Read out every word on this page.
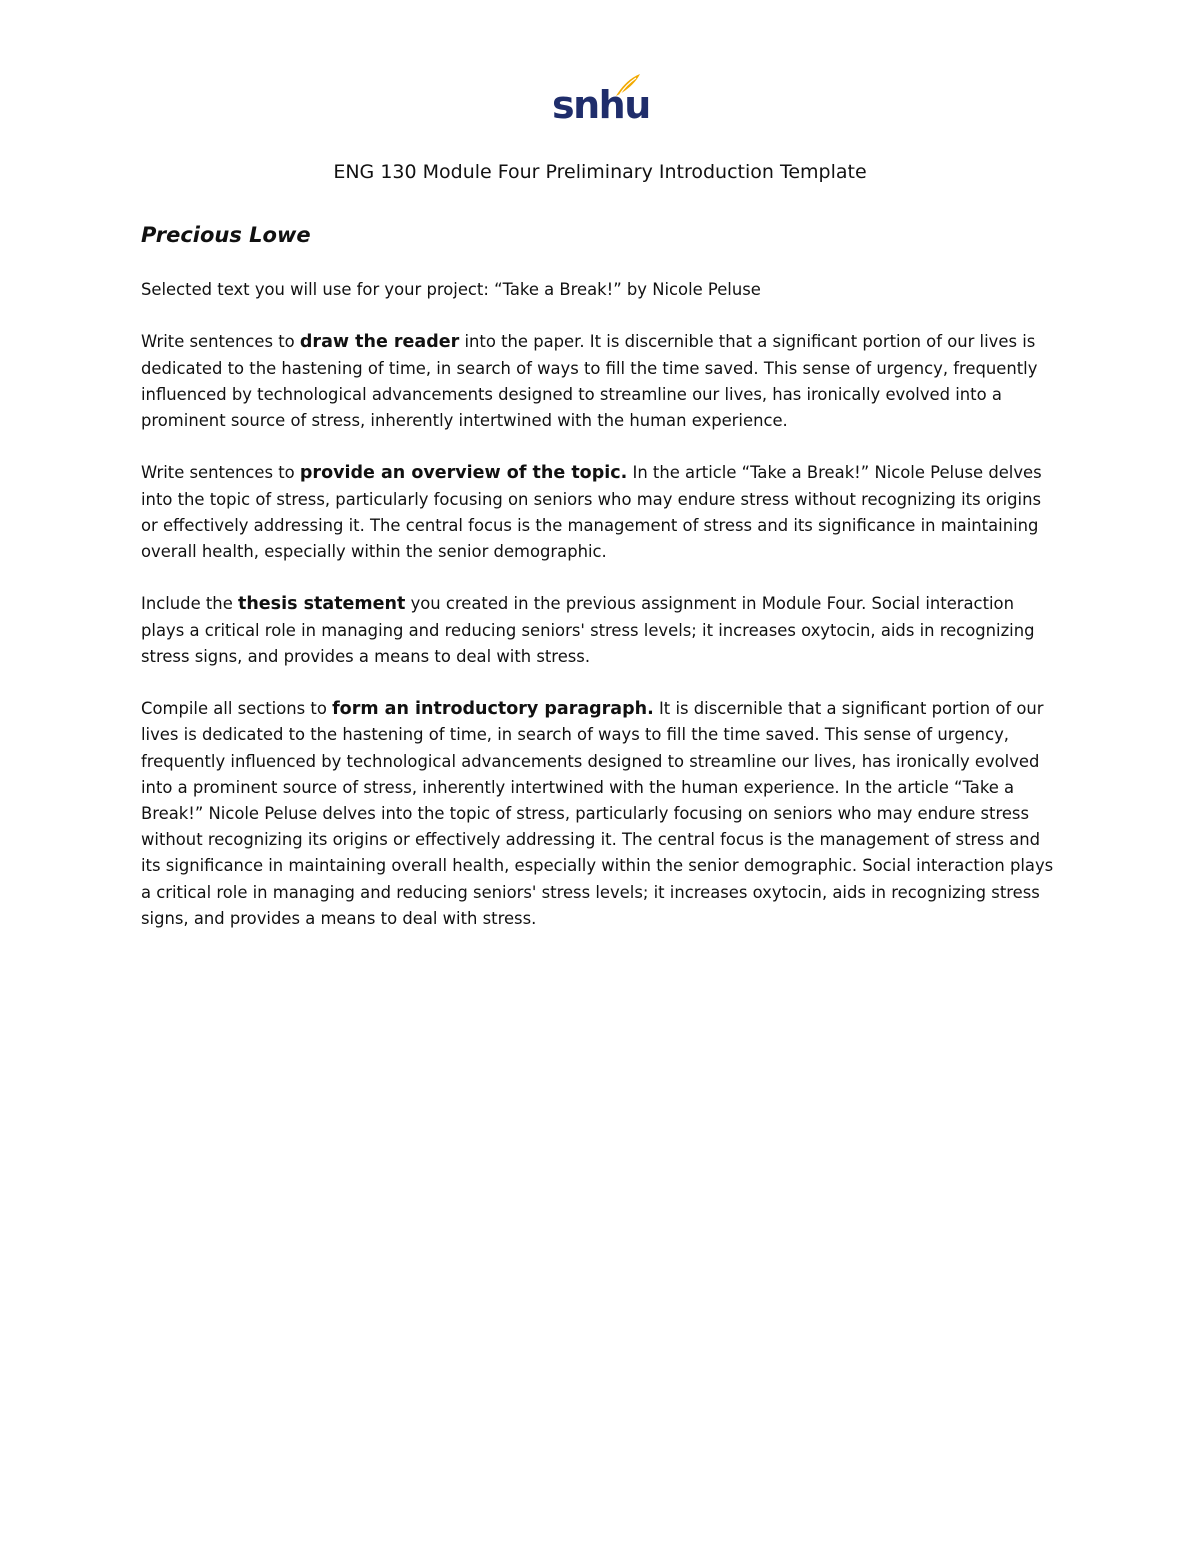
snhu
ENG 130 Module Four Preliminary Introduction Template
Precious Lowe

Selected text you will use for your project: “Take a Break!” by Nicole Peluse

Write sentences to draw the reader into the paper. It is discernible that a significant portion of our lives is dedicated to the hastening of time, in search of ways to fill the time saved. This sense of urgency, frequently influenced by technological advancements designed to streamline our lives, has ironically evolved into a prominent source of stress, inherently intertwined with the human experience.

Write sentences to provide an overview of the topic. In the article “Take a Break!” Nicole Peluse delves into the topic of stress, particularly focusing on seniors who may endure stress without recognizing its origins or effectively addressing it. The central focus is the management of stress and its significance in maintaining overall health, especially within the senior demographic.

Include the thesis statement you created in the previous assignment in Module Four. Social interaction plays a critical role in managing and reducing seniors' stress levels; it increases oxytocin, aids in recognizing stress signs, and provides a means to deal with stress.

Compile all sections to form an introductory paragraph. It is discernible that a significant portion of our lives is dedicated to the hastening of time, in search of ways to fill the time saved. This sense of urgency, frequently influenced by technological advancements designed to streamline our lives, has ironically evolved into a prominent source of stress, inherently intertwined with the human experience. In the article “Take a Break!” Nicole Peluse delves into the topic of stress, particularly focusing on seniors who may endure stress without recognizing its origins or effectively addressing it. The central focus is the management of stress and its significance in maintaining overall health, especially within the senior demographic. Social interaction plays a critical role in managing and reducing seniors' stress levels; it increases oxytocin, aids in recognizing stress signs, and provides a means to deal with stress.
